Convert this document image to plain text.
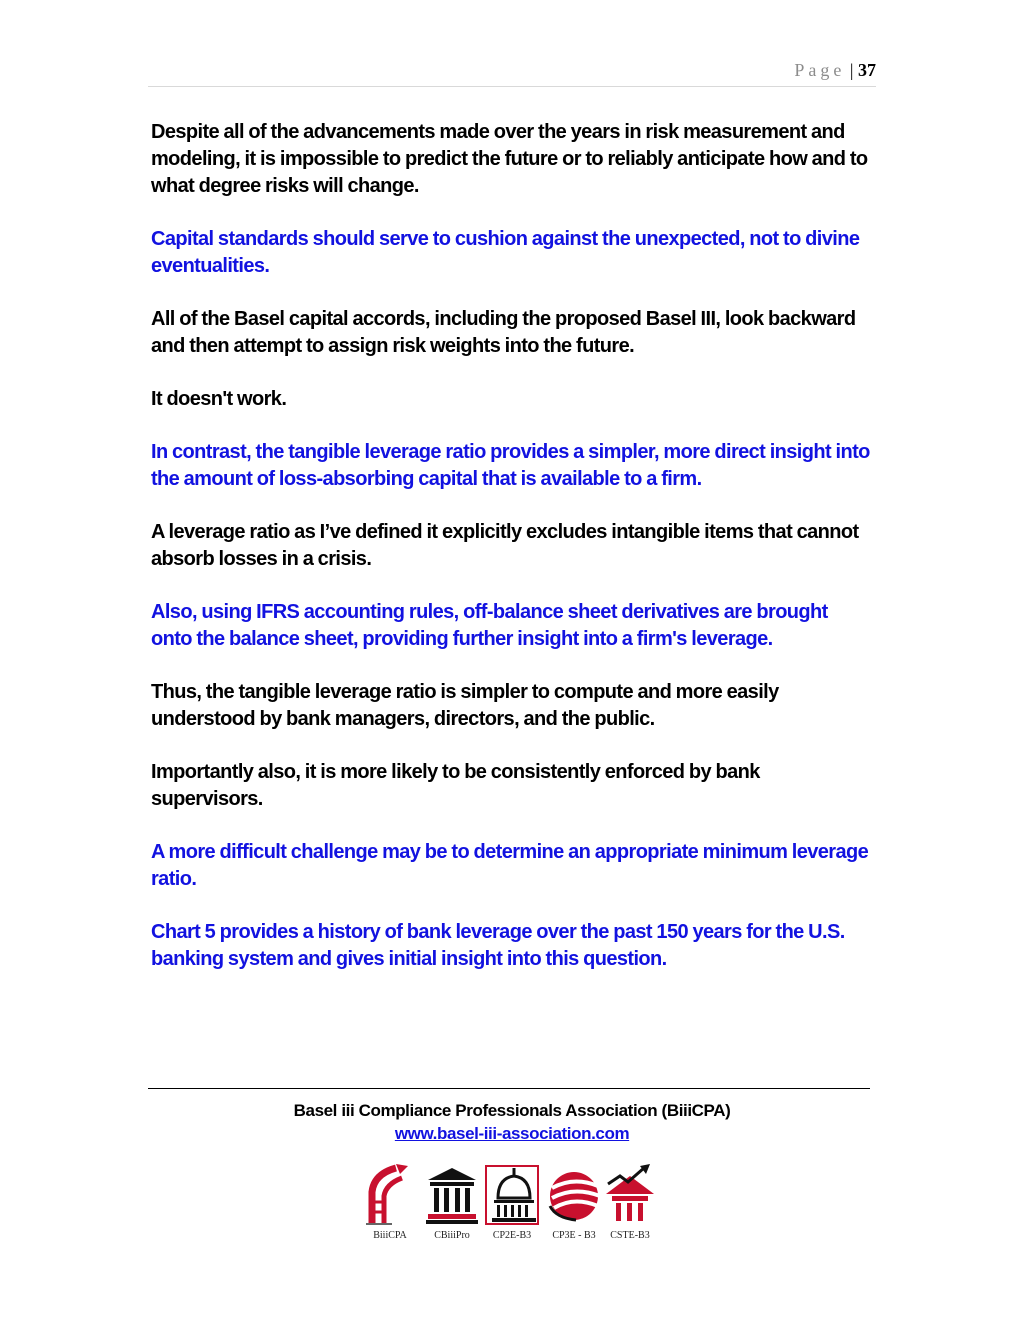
Page | 37

Despite all of the advancements made over the years in risk measurement and modeling, it is impossible to predict the future or to reliably anticipate how and to what degree risks will change.

Capital standards should serve to cushion against the unexpected, not to divine eventualities.

All of the Basel capital accords, including the proposed Basel III, look backward and then attempt to assign risk weights into the future.

It doesn't work.

In contrast, the tangible leverage ratio provides a simpler, more direct insight into the amount of loss-absorbing capital that is available to a firm.

A leverage ratio as I’ve defined it explicitly excludes intangible items that cannot absorb losses in a crisis.

Also, using IFRS accounting rules, off-balance sheet derivatives are brought onto the balance sheet, providing further insight into a firm's leverage.

Thus, the tangible leverage ratio is simpler to compute and more easily understood by bank managers, directors, and the public.

Importantly also, it is more likely to be consistently enforced by bank supervisors.

A more difficult challenge may be to determine an appropriate minimum leverage ratio.

Chart 5 provides a history of bank leverage over the past 150 years for the U.S. banking system and gives initial insight into this question.

Basel iii Compliance Professionals Association (BiiiCPA)
www.basel-iii-association.com
BiiiCPA	CBiiiPro	CP2E-B3	CP3E - B3	CSTE-B3
